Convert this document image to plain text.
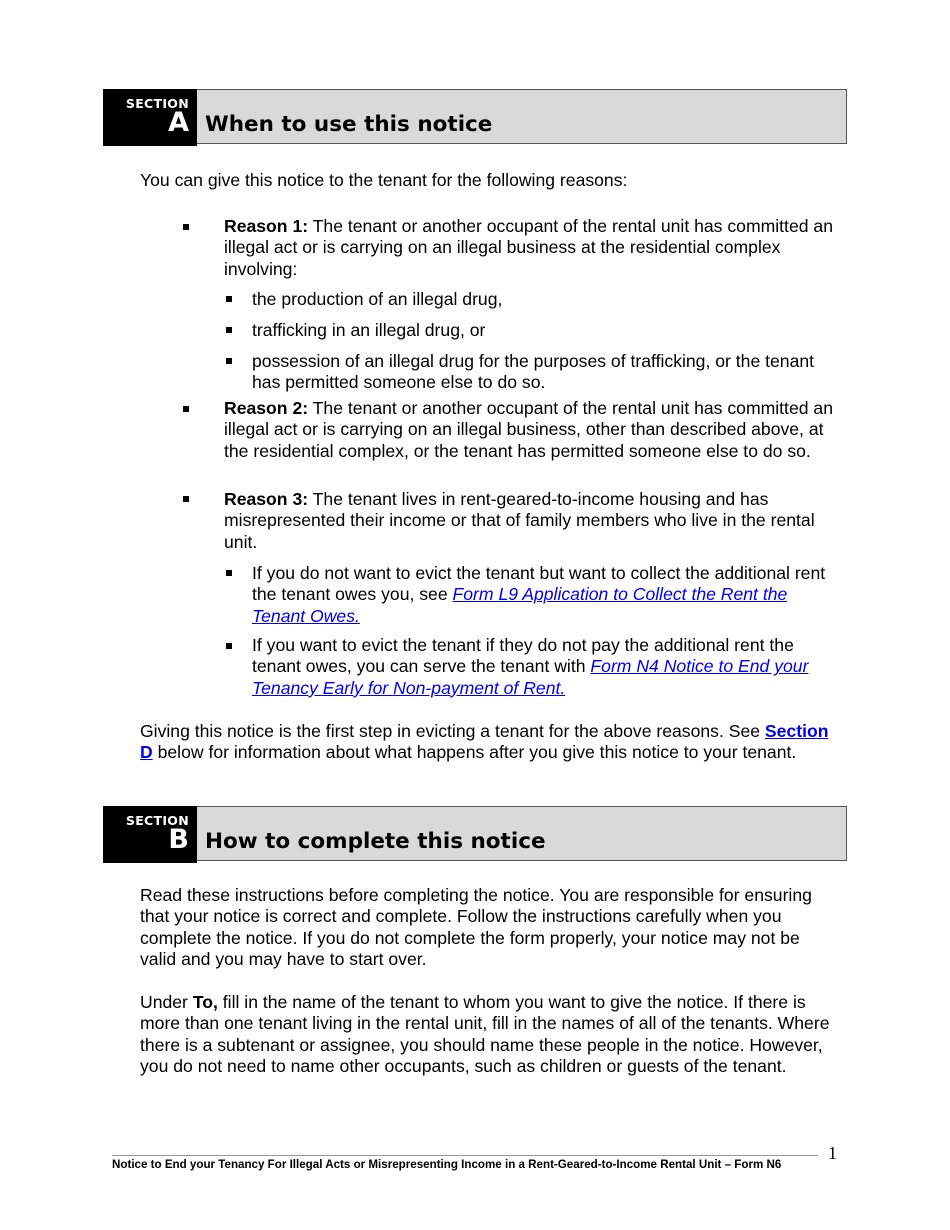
SECTION
A When to use this notice

You can give this notice to the tenant for the following reasons:

Reason 1: The tenant or another occupant of the rental unit has committed an illegal act or is carrying on an illegal business at the residential complex involving:

the production of an illegal drug,

trafficking in an illegal drug, or

possession of an illegal drug for the purposes of trafficking, or the tenant has permitted someone else to do so.

Reason 2: The tenant or another occupant of the rental unit has committed an illegal act or is carrying on an illegal business, other than described above, at the residential complex, or the tenant has permitted someone else to do so.

Reason 3: The tenant lives in rent-geared-to-income housing and has misrepresented their income or that of family members who live in the rental unit.

If you do not want to evict the tenant but want to collect the additional rent the tenant owes you, see Form L9 Application to Collect the Rent the Tenant Owes.

If you want to evict the tenant if they do not pay the additional rent the tenant owes, you can serve the tenant with Form N4 Notice to End your Tenancy Early for Non-payment of Rent.

Giving this notice is the first step in evicting a tenant for the above reasons. See Section D below for information about what happens after you give this notice to your tenant.

SECTION
B How to complete this notice

Read these instructions before completing the notice. You are responsible for ensuring that your notice is correct and complete. Follow the instructions carefully when you complete the notice. If you do not complete the form properly, your notice may not be valid and you may have to start over.

Under To, fill in the name of the tenant to whom you want to give the notice. If there is more than one tenant living in the rental unit, fill in the names of all of the tenants. Where there is a subtenant or assignee, you should name these people in the notice. However, you do not need to name other occupants, such as children or guests of the tenant.

1
Notice to End your Tenancy For Illegal Acts or Misrepresenting Income in a Rent-Geared-to-Income Rental Unit – Form N6
